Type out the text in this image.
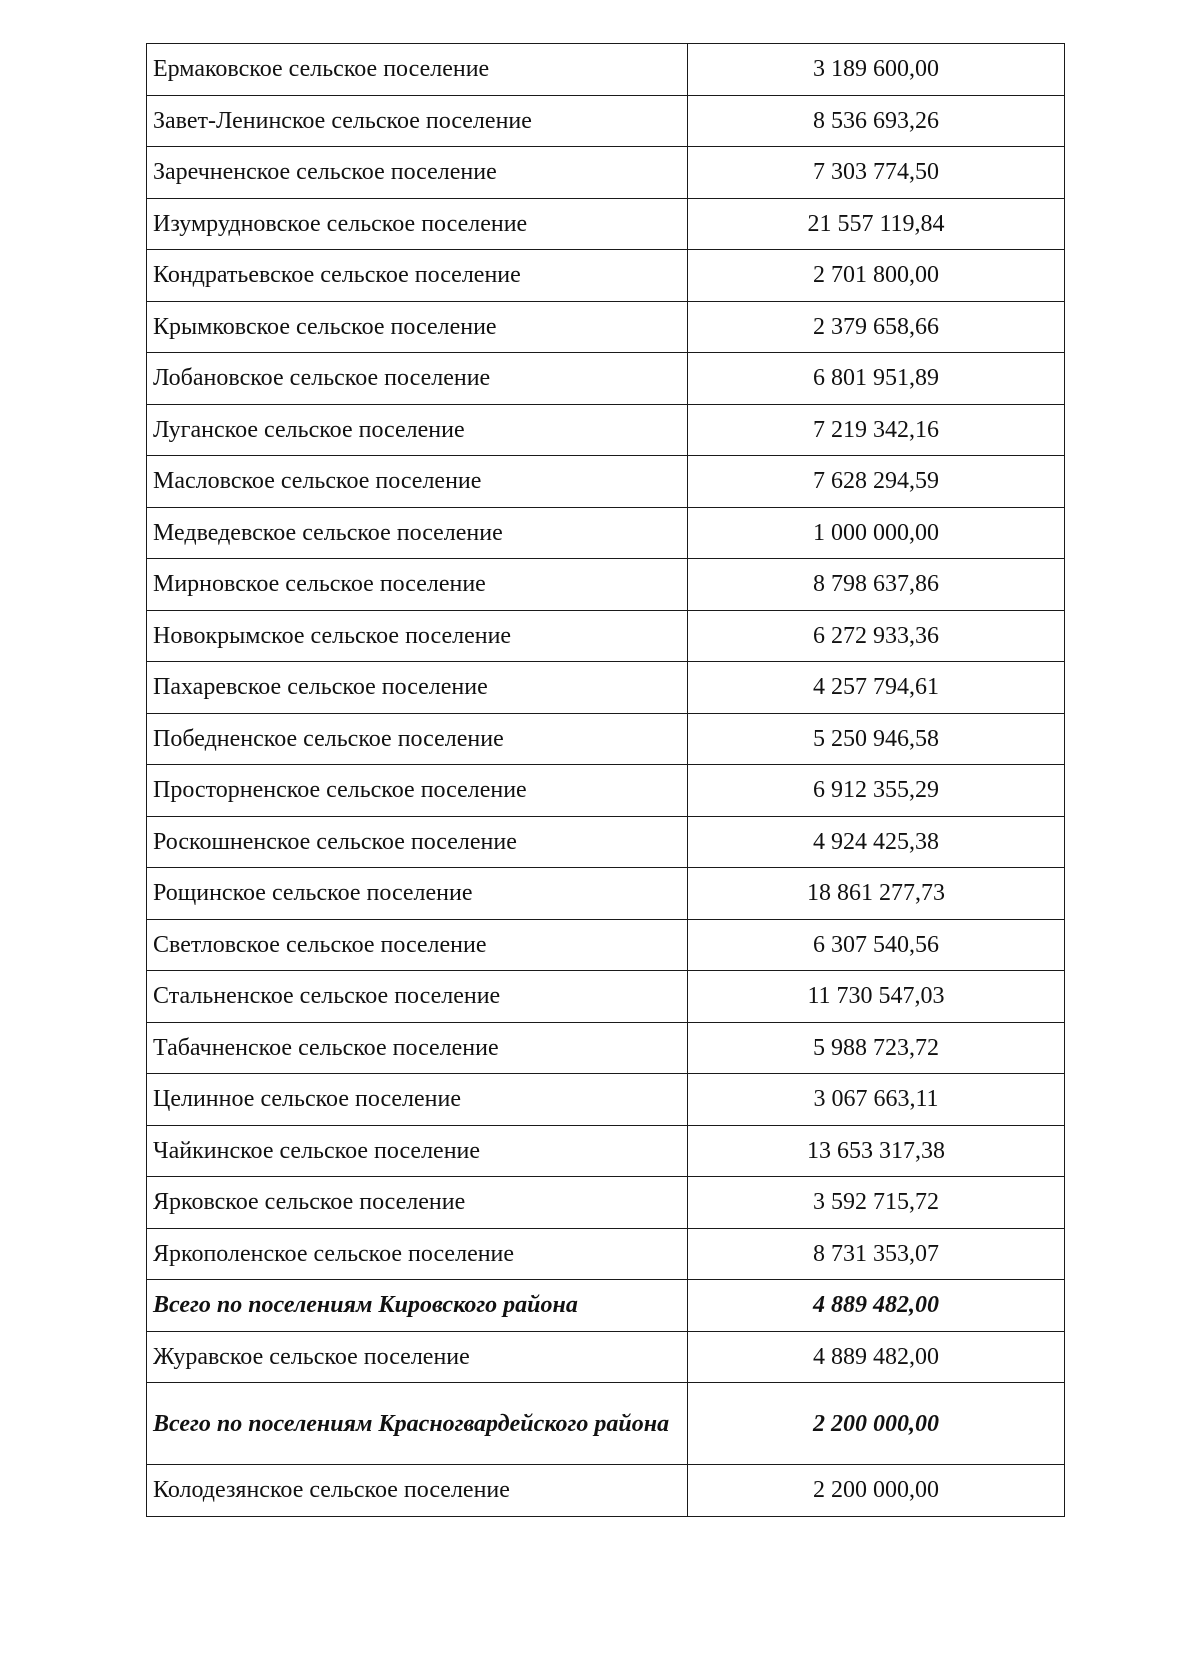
Ермаковское сельское поселение	3 189 600,00
Завет-Ленинское сельское поселение	8 536 693,26
Заречненское сельское поселение	7 303 774,50
Изумрудновское сельское поселение	21 557 119,84
Кондратьевское сельское поселение	2 701 800,00
Крымковское сельское поселение	2 379 658,66
Лобановское сельское поселение	6 801 951,89
Луганское сельское поселение	7 219 342,16
Масловское сельское поселение	7 628 294,59
Медведевское сельское поселение	1 000 000,00
Мирновское сельское поселение	8 798 637,86
Новокрымское сельское поселение	6 272 933,36
Пахаревское сельское поселение	4 257 794,61
Победненское сельское поселение	5 250 946,58
Просторненское сельское поселение	6 912 355,29
Роскошненское сельское поселение	4 924 425,38
Рощинское сельское поселение	18 861 277,73
Светловское сельское поселение	6 307 540,56
Стальненское сельское поселение	11 730 547,03
Табачненское сельское поселение	5 988 723,72
Целинное сельское поселение	3 067 663,11
Чайкинское сельское поселение	13 653 317,38
Ярковское сельское поселение	3 592 715,72
Яркополенское сельское поселение	8 731 353,07
Всего по поселениям Кировского района	4 889 482,00
Журавское сельское поселение	4 889 482,00
Всего по поселениям Красногвардейского района	2 200 000,00
Колодезянское сельское поселение	2 200 000,00
